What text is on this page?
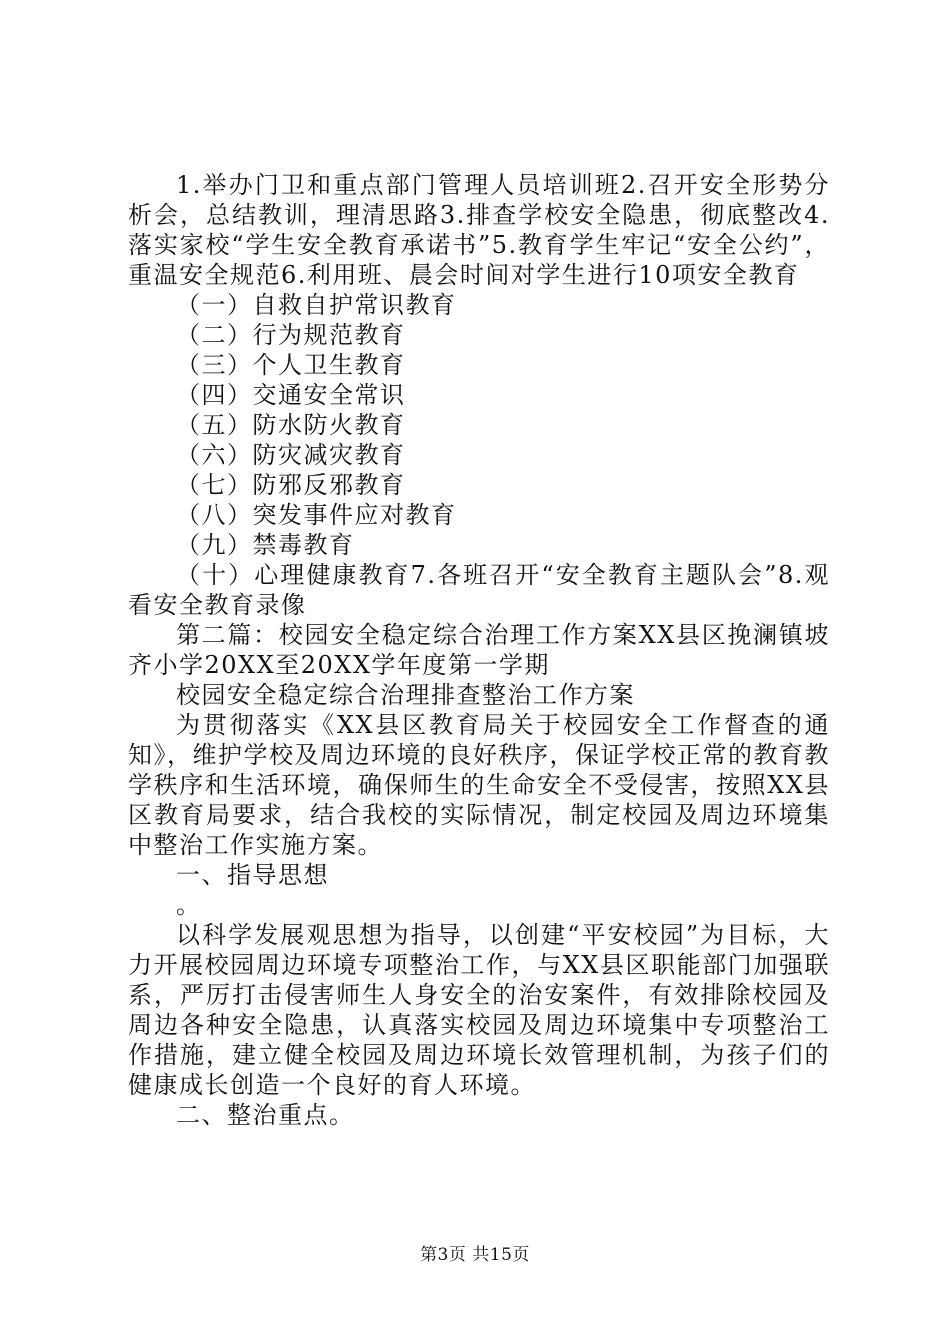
1.举办门卫和重点部门管理人员培训班2.召开安全形势分析会，总结教训，理清思路3.排查学校安全隐患，彻底整改4.落实家校“学生安全教育承诺书”5.教育学生牢记“安全公约”，重温安全规范6.利用班、晨会时间对学生进行10项安全教育

（一）自救自护常识教育

（二）行为规范教育

（三）个人卫生教育

（四）交通安全常识

（五）防水防火教育

（六）防灾减灾教育

（七）防邪反邪教育

（八）突发事件应对教育

（九）禁毒教育

（十）心理健康教育7.各班召开“安全教育主题队会”8.观看安全教育录像

第二篇：校园安全稳定综合治理工作方案XX县区挽澜镇坡齐小学20XX至20XX学年度第一学期

校园安全稳定综合治理排查整治工作方案

为贯彻落实《XX县区教育局关于校园安全工作督查的通知》，维护学校及周边环境的良好秩序，保证学校正常的教育教学秩序和生活环境，确保师生的生命安全不受侵害，按照XX县区教育局要求，结合我校的实际情况，制定校园及周边环境集中整治工作实施方案。

一、指导思想

。

以科学发展观思想为指导，以创建“平安校园”为目标，大力开展校园周边环境专项整治工作，与XX县区职能部门加强联系，严厉打击侵害师生人身安全的治安案件，有效排除校园及周边各种安全隐患，认真落实校园及周边环境集中专项整治工作措施，建立健全校园及周边环境长效管理机制，为孩子们的健康成长创造一个良好的育人环境。

二、整治重点。

第3页 共15页
